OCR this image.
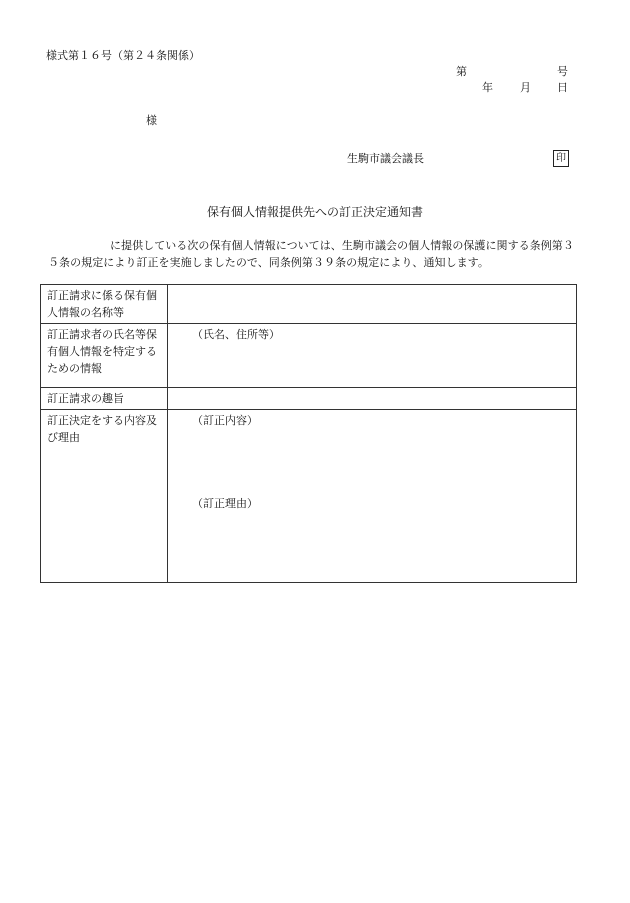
様式第１６号（第２４条関係）
第	号
年 月 日
様
生駒市議会議長	印
保有個人情報提供先への訂正決定通知書
に提供している次の保有個人情報については、生駒市議会の個人情報の保護に関する条例第３５条の規定により訂正を実施しましたので、同条例第３９条の規定により、通知します。
訂正請求に係る保有個人情報の名称等	
訂正請求者の氏名等保有個人情報を特定するための情報	（氏名、住所等）

訂正請求の趣旨	
訂正決定をする内容及び理由	（訂正内容）
（訂正理由）
